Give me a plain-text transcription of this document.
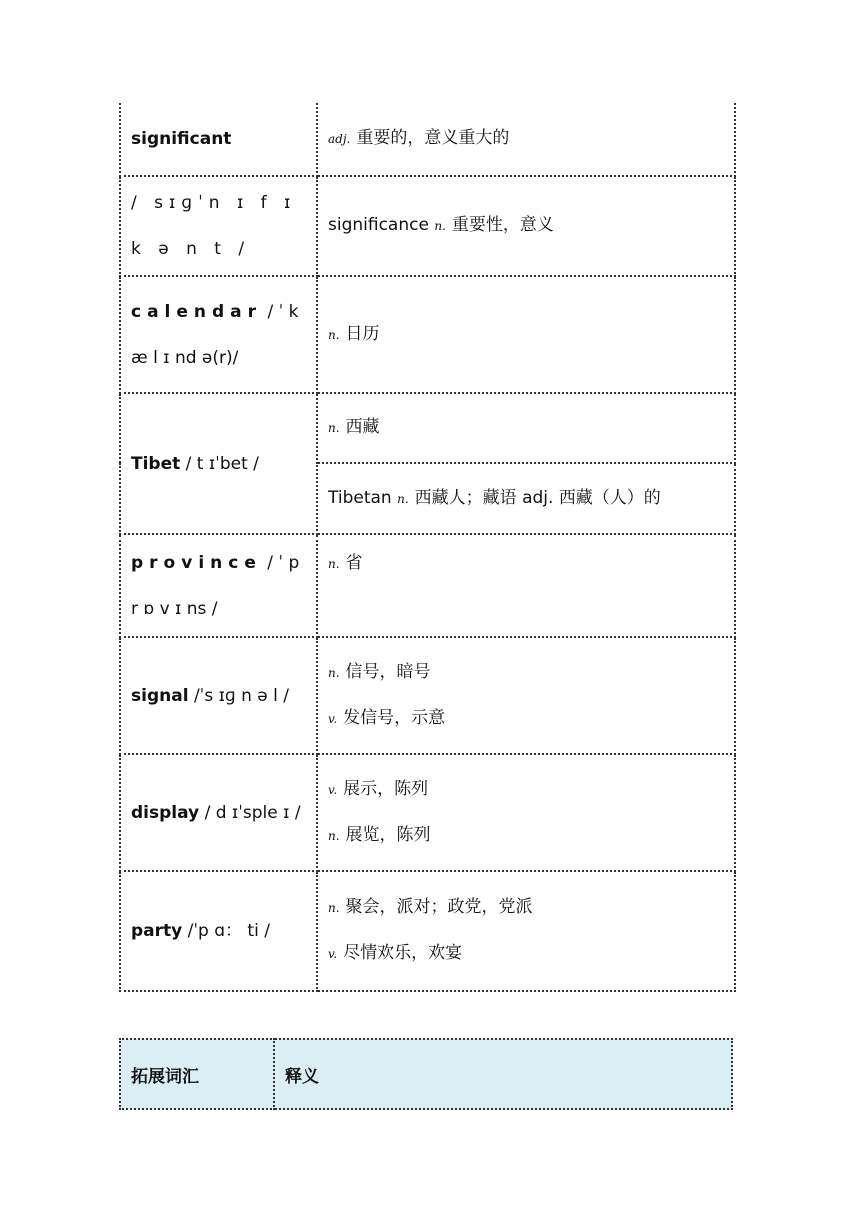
significant	adj. 重要的，意义重大的
/ sɪɡˈn ɪ f ɪ k ə n t /	significance n. 重要性，意义
calendar / ˈ k æ l ɪ nd ə(r)/	n. 日历
Tibet / t ɪˈbet /	n. 西藏
	Tibetan n. 西藏人；藏语 adj. 西藏（人）的
province / ˈ p r ɒ v ɪ ns /	n. 省
signal /ˈs ɪɡ n ə l /	n. 信号，暗号
v. 发信号，示意

display / d ɪˈsple ɪ /	v. 展示，陈列
n. 展览，陈列

party /ˈp ɑ： ti /	n. 聚会，派对；政党，党派
v. 尽情欢乐，欢宴
拓展词汇	释义
